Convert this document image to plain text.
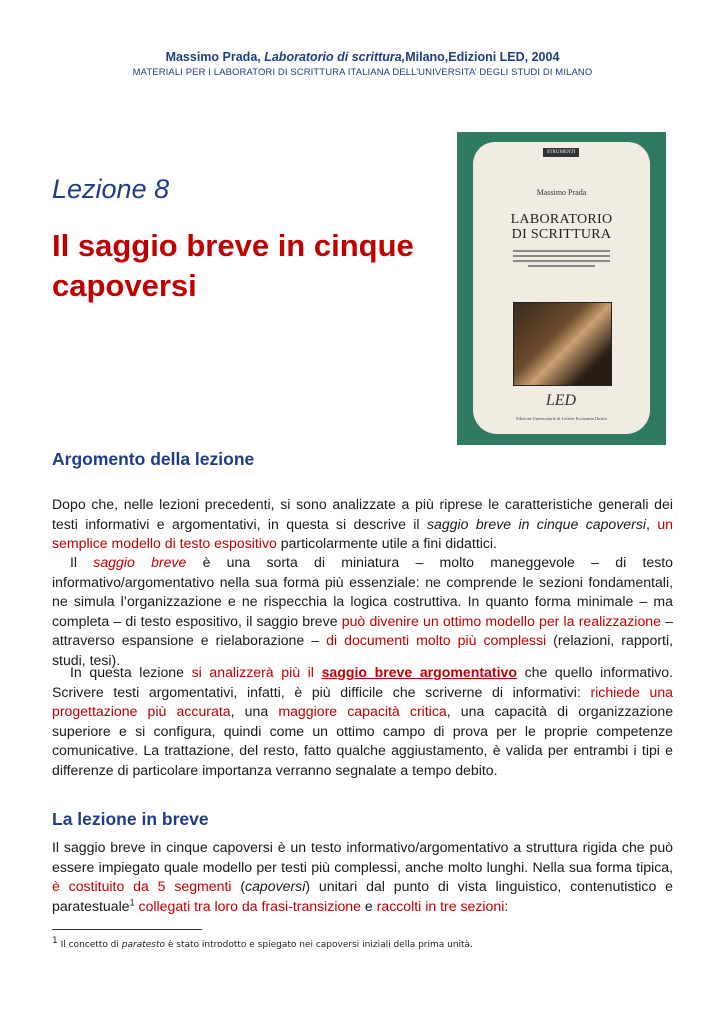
Massimo Prada, Laboratorio di scrittura,Milano,Edizioni LED, 2004
MATERIALI PER I LABORATORI DI SCRITTURA ITALIANA DELL’UNIVERSITA’ DEGLI STUDI DI MILANO
Lezione 8
Il saggio breve in cinque capoversi
STRUMENTI
Massimo Prada
LABORATORIO
DI SCRITTURA
LED
Edizioni Universitarie di Lettere Economia Diritto
Argomento della lezione

Dopo che, nelle lezioni precedenti, si sono analizzate a più riprese le caratteristiche generali dei testi informativi e argomentativi, in questa si descrive il saggio breve in cinque capoversi, un semplice modello di testo espositivo particolarmente utile a fini didattici.

Il saggio breve è una sorta di miniatura – molto maneggevole – di testo informativo/argomentativo nella sua forma più essenziale: ne comprende le sezioni fondamentali, ne simula l’organizzazione e ne rispecchia la logica costruttiva. In quanto forma minimale – ma completa – di testo espositivo, il saggio breve può divenire un ottimo modello per la realizzazione – attraverso espansione e rielaborazione – di documenti molto più complessi (relazioni, rapporti, studi, tesi).

In questa lezione si analizzerà più il saggio breve argomentativo che quello informativo. Scrivere testi argomentativi, infatti, è più difficile che scriverne di informativi: richiede una progettazione più accurata, una maggiore capacità critica, una capacità di organizzazione superiore e si configura, quindi come un ottimo campo di prova per le proprie competenze comunicative. La trattazione, del resto, fatto qualche aggiustamento, è valida per entrambi i tipi e differenze di particolare importanza verranno segnalate a tempo debito.

La lezione in breve

Il saggio breve in cinque capoversi è un testo informativo/argomentativo a struttura rigida che può essere impiegato quale modello per testi più complessi, anche molto lunghi. Nella sua forma tipica, è costituito da 5 segmenti (capoversi) unitari dal punto di vista linguistico, contenutistico e paratestuale$^1$ collegati tra loro da frasi-transizione e raccolti in tre sezioni:

$^1$ Il concetto di paratesto è stato introdotto e spiegato nei capoversi iniziali della prima unità.
